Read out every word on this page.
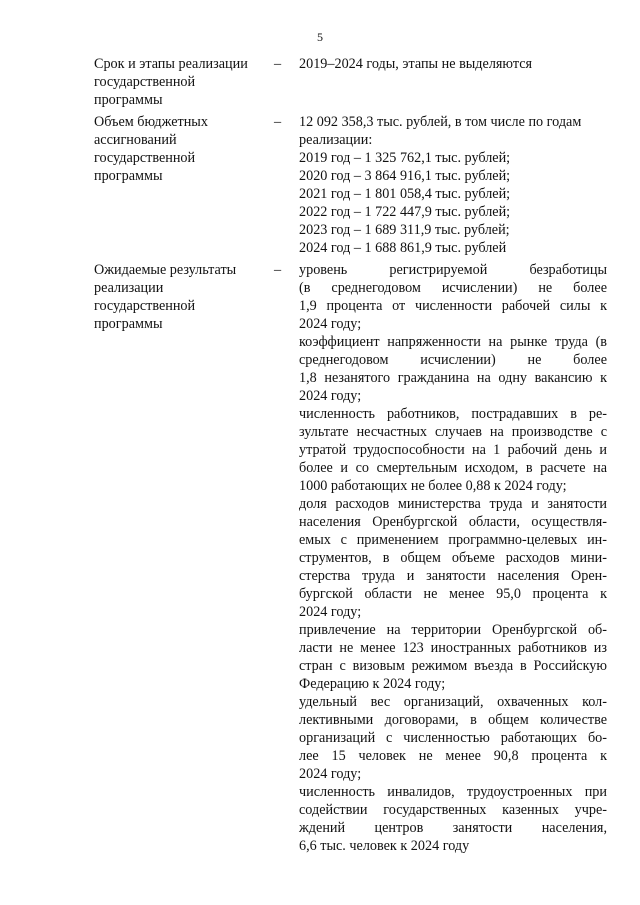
5
Срок и этапы реализации
государственной
программы
– 2019–2024 годы, этапы не выделяются
Объем бюджетных
ассигнований
государственной
программы
– 12 092 358,3 тыс. рублей, в том числе по годам
реализации:
2019 год – 1 325 762,1 тыс. рублей;
2020 год – 3 864 916,1 тыс. рублей;
2021 год – 1 801 058,4 тыс. рублей;
2022 год – 1 722 447,9 тыс. рублей;
2023 год – 1 689 311,9 тыс. рублей;
2024 год – 1 688 861,9 тыс. рублей
Ожидаемые результаты
реализации
государственной
программы
– уровень регистрируемой безработицы
(в среднегодовом исчислении) не более
1,9 процента от численности рабочей силы к
2024 году;
коэффициент напряженности на рынке труда (в
среднегодовом исчислении) не более
1,8 незанятого гражданина на одну вакансию к
2024 году;
численность работников, пострадавших в ре-
зультате несчастных случаев на производстве с
утратой трудоспособности на 1 рабочий день и
более и со смертельным исходом, в расчете на
1000 работающих не более 0,88 к 2024 году;
доля расходов министерства труда и занятости
населения Оренбургской области, осуществля-
емых с применением программно-целевых ин-
струментов, в общем объеме расходов мини-
стерства труда и занятости населения Орен-
бургской области не менее 95,0 процента к
2024 году;
привлечение на территории Оренбургской об-
ласти не менее 123 иностранных работников из
стран с визовым режимом въезда в Российскую
Федерацию к 2024 году;
удельный вес организаций, охваченных кол-
лективными договорами, в общем количестве
организаций с численностью работающих бо-
лее 15 человек не менее 90,8 процента к
2024 году;
численность инвалидов, трудоустроенных при
содействии государственных казенных учре-
ждений центров занятости населения,
6,6 тыс. человек к 2024 году
